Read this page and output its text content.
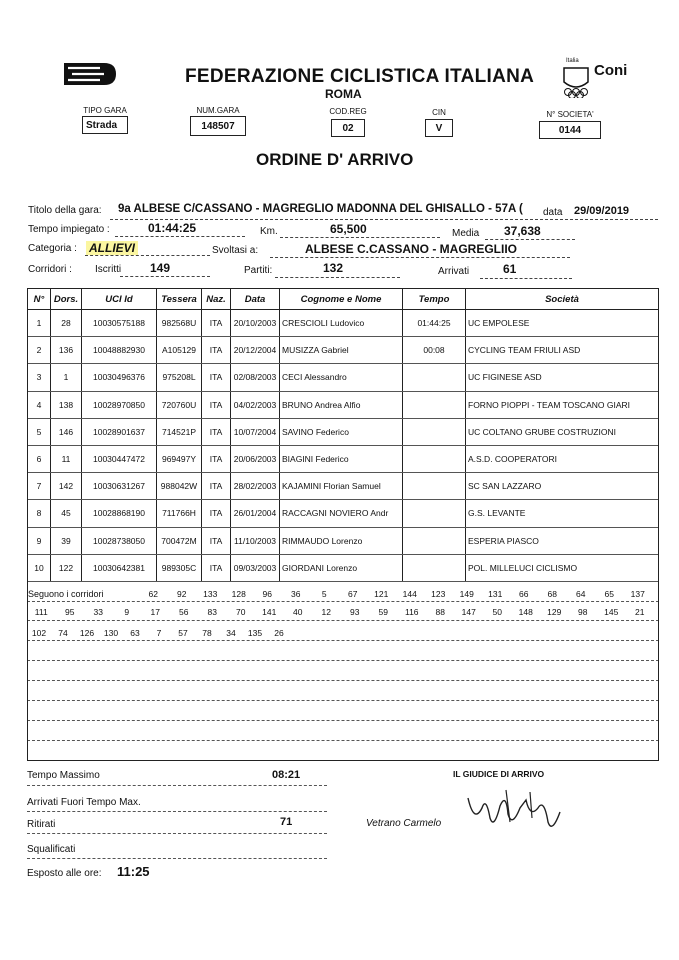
FEDERAZIONE CICLISTICA ITALIANA
ROMA
Italia
Coni
TIPO GARA
Strada
NUM.GARA
148507
COD.REG
02
CIN
V
N° SOCIETA'
0144
ORDINE D' ARRIVO
Titolo della gara: 9a ALBESE C/CASSANO - MAGREGLIO MADONNA DEL GHISALLO - 57A ( data 29/09/2019
Tempo impiegato :	01:44:25	Km.	65,500	Media 37,638
Categoria : ALLIEVI	Svoltasi a:	ALBESE C.CASSANO - MAGREGLIIO
Corridori : Iscritti 149	Partiti:	132	Arrivati	61
N°	Dors.	UCI Id	Tessera	Naz.	Data	Cognome e Nome	Tempo	Società
1	28	10030575188	982568U	ITA	20/10/2003	CRESCIOLI Ludovico	01:44:25	UC EMPOLESE
2	136	10048882930	A105129	ITA	20/12/2004	MUSIZZA Gabriel	00:08	CYCLING TEAM FRIULI ASD
3	1	10030496376	975208L	ITA	02/08/2003	CECI Alessandro		UC FIGINESE ASD
4	138	10028970850	720760U	ITA	04/02/2003	BRUNO Andrea Alfio		FORNO PIOPPI - TEAM TOSCANO GIARI
5	146	10028901637	714521P	ITA	10/07/2004	SAVINO Federico		UC COLTANO GRUBE COSTRUZIONI
6	11	10030447472	969497Y	ITA	20/06/2003	BIAGINI Federico		A.S.D. COOPERATORI
7	142	10030631267	988042W	ITA	28/02/2003	KAJAMINI Florian Samuel		SC SAN LAZZARO
8	45	10028868190	711766H	ITA	26/01/2004	RACCAGNI NOVIERO Andr		G.S. LEVANTE
9	39	10028738050	700472M	ITA	11/10/2003	RIMMAUDO Lorenzo		ESPERIA PIASCO
10	122	10030642381	989305C	ITA	09/03/2003	GIORDANI Lorenzo		POL. MILLELUCI CICLISMO
Seguono i corridori	62 92 133 128 96 36	5	67 121 144 123 149 131 66 68 64 65 137
111 95 33	9	17 56 83 70 141 40 12 93 59 116 88 147 50 148 129 98 145 21
102 74 126 130 63 7 57 78 34 135 26
Tempo Massimo	08:21
Arrivati Fuori Tempo Max.
Ritirati	71
Squalificati
Esposto alle ore: 11:25
IL GIUDICE DI ARRIVO
Vetrano Carmelo
